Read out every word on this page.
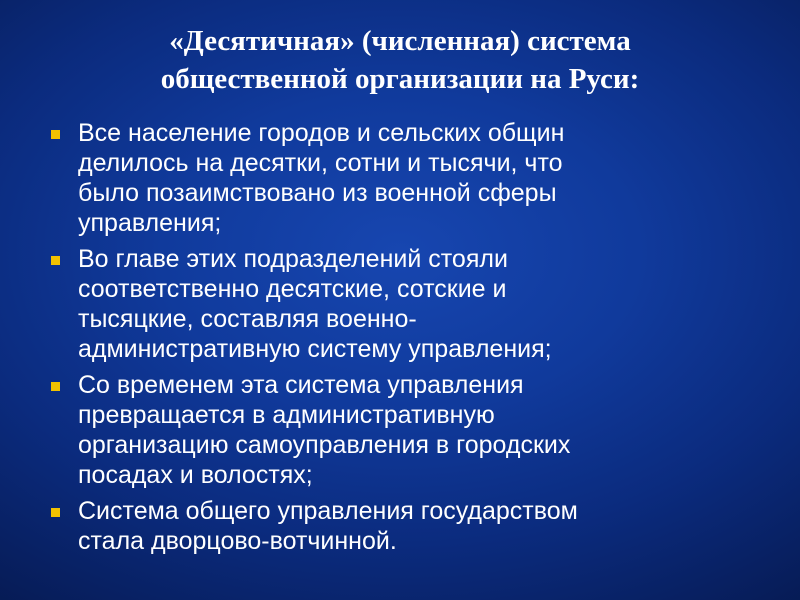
«Десятичная» (численная) система
общественной организации на Руси:
Все население городов и сельских общин
делилось на десятки, сотни и тысячи, что
было позаимствовано из военной сферы
управления;
Во главе этих подразделений стояли
соответственно десятские, сотские и
тысяцкие, составляя военно-
административную систему управления;
Со временем эта система управления
превращается в административную
организацию самоуправления в городских
посадах и волостях;
Система общего управления государством
стала дворцово-вотчинной.
